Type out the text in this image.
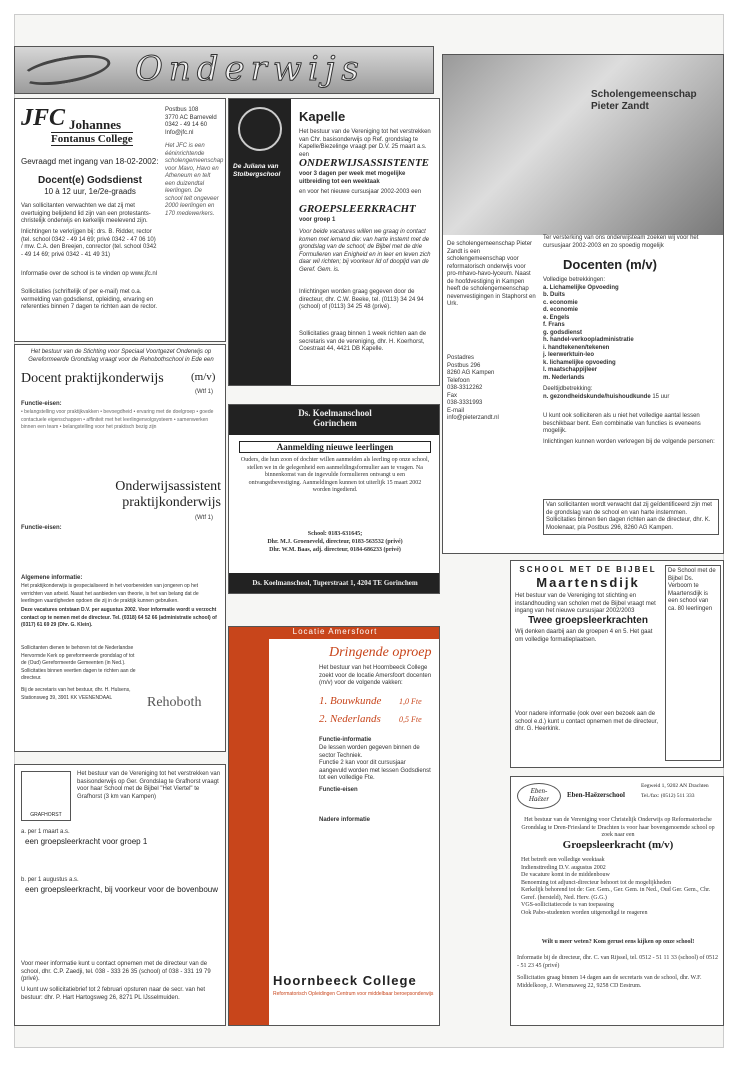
Onderwijs
JFC Johannes
Fontanus College
Postbus 108
3770 AC Barneveld
0342 - 49 14 60
Info@jfc.nl
Het JFC is een ééninrichtende scholengemeenschap voor Mavo, Havo en Atheneum en telt een duizendtal leerlingen. De school telt ongeveer 2000 leerlingen en 170 medewerkers.
Gevraagd met ingang van 18-02-2002:
Docent(e) Godsdienst
10 à 12 uur, 1e/2e-graads
Van sollicitanten verwachten we dat zij met overtuiging belijdend lid zijn van een protestants-christelijk onderwijs en kerkelijk meelevend zijn.
Inlichtingen te verkrijgen bij: drs. B. Ridder, rector (tel. school 0342 - 49 14 69; privé 0342 - 47 06 10) / mw. C.A. den Breejen, conrector (tel. school 0342 - 49 14 69; privé 0342 - 41 49 31)
Informatie over de school is te vinden op www.jfc.nl
Sollicitaties (schriftelijk of per e-mail) met o.a. vermelding van godsdienst, opleiding, ervaring en referenties binnen 7 dagen te richten aan de rector.
De Juliana van Stolbergschool
Kapelle
Het bestuur van de Vereniging tot het verstrekken van Chr. basisonderwijs op Ref. grondslag te Kapelle/Biezelinge vraagt per D.V. 25 maart a.s. een
ONDERWIJSASSISTENTE
voor 3 dagen per week met mogelijke uitbreiding tot een weektaak
en voor het nieuwe cursusjaar 2002-2003 een
GROEPSLEERKRACHT
voor groep 1
Voor beide vacatures willen we graag in contact komen met iemand die: van harte instemt met de grondslag van de school; de Bijbel met de drie Formulieren van Enigheid en in leer en leven zich daar wil richten; bij voorkeur lid of doopljd van de Geref. Gem. is.
Inlichtingen worden graag gegeven door de directeur, dhr. C.W. Beeke, tel. (0113) 34 24 94 (school) of (0113) 34 25 48 (privé).
Sollicitaties graag binnen 1 week richten aan de secretaris van de vereniging, dhr. H. Koerhorst, Coestraat 44, 4421 DB Kapelle.
Het bestuur van de Stichting voor Speciaal Voortgezet Onderwijs op Gereformeerde Grondslag vraagt voor de Rehobothschool in Ede een
Docent praktijkonderwijs (m/v)
(Wtf 1)
Functie-eisen:
• belangstelling voor praktijkvakken • bevoegdheid • ervaring met de doelgroep • goede contactuele eigenschappen • affiniteit met het leerlingenvolgsysteem • samenwerken binnen een team • belangstelling voor het praktisch bezig zijn
Onderwijsassistent praktijkonderwijs
(Wtf 1)
Functie-eisen:
Algemene informatie:
Het praktijkonderwijs is gespecialiseerd in het voorbereiden van jongeren op het verrichten van arbeid. Naast het aanbieden van theorie, is het van belang dat de leerlingen vaardigheden opdoen die zij in de praktijk kunnen gebruiken.
Deze vacatures ontstaan D.V. per augustus 2002. Voor informatie wordt u verzocht contact op te nemen met de directeur. Tel. (0318) 64 52 66 (administratie school) of (0317) 61 69 29 (Dhr. G. Klein).
Sollicitanten dienen te behoren tot de Nederlandse Hervormde Kerk op gereformeerde grondslag of tot de (Oud) Gereformeerde Gemeenten (in Ned.). Sollicitaties binnen veertien dagen te richten aan de directeur.
Bij de secretaris van het bestuur, dhr. H. Hulsens, Stationsweg 39, 3901 KK VEENENDAAL	Rehoboth
Ds. Koelmanschool
Gorinchem
Aanmelding nieuwe leerlingen
Ouders, die hun zoon of dochter willen aanmelden als leerling op onze school, stellen we in de gelegenheid een aanmeldingsformulier aan te vragen. Na binnenkomst van de ingevulde formulieren ontvangt u een ontvangstbevestiging. Aanmeldingen kunnen tot uiterlijk 15 maart 2002 worden ingediend.
School: 0183-631645;
Dhr. M.J. Groeneveld, directeur, 0183-563532 (privé)
Dhr. W.M. Baas, adj. directeur, 0184-686233 (privé)
Ds. Koelmanschool, Tuperstraat 1, 4204 TE Gorinchem
Scholengemeenschap
Pieter Zandt
Ter versterking van ons onderwijsteam zoeken wij voor het cursusjaar 2002-2003 en zo spoedig mogelijk
Docenten (m/v)
Volledige betrekkingen:
a. Lichamelijke Opvoeding
b. Duits
c. economie
d. economie
e. Engels
f. Frans
g. godsdienst
h. handel-verkoop/administratie
i. handtekenen/tekenen
j. leerwerktuin-leo
k. lichamelijke opvoeding
l. maatschappijleer
m. Nederlands
Deeltijdbetrekking:
n. gezondheidskunde/huishoudkunde 15 uur
U kunt ook solliciteren als u niet het volledige aantal lessen beschikbaar bent. Een combinatie van functies is eveneens mogelijk.
Inlichtingen kunnen worden verkregen bij de volgende personen:
Van sollicitanten wordt verwacht dat zij geïdentificeerd zijn met de grondslag van de school en van harte instemmen. Sollicitaties binnen tien dagen richten aan de directeur, dhr. K. Moolenaar, p/a Postbus 296, 8260 AG Kampen.
De scholengemeenschap Pieter Zandt is een scholengemeenschap voor reformatorisch onderwijs voor pro-mhavo-havo-lyceum. Naast de hoofdvestiging in Kampen heeft de scholengemeenschap nevenvestigingen in Staphorst en Urk.
Postadres
Postbus 296
8260 AG Kampen
Telefoon
038-3312262
Fax
038-3331993
E-mail
info@pieterzandt.nl
GRAFHORST
Het bestuur van de Vereniging tot het verstrekken van basisonderwijs op Ger. Grondslag te Grafhorst vraagt voor haar School met de Bijbel "Het Viertel" te Grafhorst (3 km van Kampen)
a. per 1 maart a.s.
een groepsleerkracht voor groep 1
b. per 1 augustus a.s.
een groepsleerkracht, bij voorkeur voor de bovenbouw
Voor meer informatie kunt u contact opnemen met de directeur van de school, dhr. C.P. Zaedji, tel. 038 - 333 26 35 (school) of 038 - 331 19 79 (privé).
U kunt uw sollicitatiebrief tot 2 februari opsturen naar de secr. van het bestuur: dhr. P. Hart Hartogsweg 26, 8271 PL IJsselmuiden.
Locatie Amersfoort
Dringende oproep
Het bestuur van het Hoornbeeck College zoekt voor de locatie Amersfoort docenten (m/v) voor de volgende vakken:
1. Bouwkunde 1,0 Fte
2. Nederlands 0,5 Fte
Het Hoornbeeck College voor middelbaar beroepsonderwijs met vestigingen in Amersfoort, Goes, Kampen en Rotterdam gaat uit van de Vereniging voor Voortgezet Onderwijs op Reformatorische Grondslag.
Functie-informatie
De lessen worden gegeven binnen de sector Techniek.
Functie 2 kan voor dit cursusjaar aangevuld worden met lessen Godsdienst tot een volledige Fte.
Functie-eisen
Nadere informatie
Hoornbeeck College
Reformatorisch Opleidingen Centrum voor middelbaar beroepsonderwijs
SCHOOL MET DE BIJBEL
Maartensdijk
Het bestuur van de Vereniging tot stichting en instandhouding van scholen met de Bijbel vraagt met ingang van het nieuwe cursusjaar 2002/2003
Twee groepsleerkrachten
Wij denken daarbij aan de groepen 4 en 5. Het gaat om volledige formatieplaatsen.
Voor nadere informatie (ook over een bezoek aan de school e.d.) kunt u contact opnemen met de directeur, dhr. G. Heerkink.
De School met de Bijbel Ds. Verboom te Maartensdijk is een school van ca. 80 leerlingen
Eben-
Haëzer	Eben-Haëzerschool
Eegweid 1, 9202 AN Drachten
Tel./fax: (0512) 511 333
Het bestuur van de Vereniging voor Christelijk Onderwijs op Reformatorische Grondslag te Dren-Friesland te Drachten is voor haar bovengenoemde school op zoek naar een
Groepsleerkracht (m/v)
Het betreft een volledige weektaak
Indiensttreding D.V. augustus 2002
De vacature komt in de middenbouw
Benoeming tot adjunct-directeur behoort tot de mogelijkheden
Kerkelijk behorend tot de: Ger. Gem., Ger. Gem. in Ned., Oud Ger. Gem., Chr. Geref. (hersteld), Ned. Herv. (G.G.)
VGS-sollicitatiecode is van toepassing
Ook Pabo-studenten worden uitgenodigd te reageren
Wilt u meer weten? Kom gerust eens kijken op onze school!
Informatie bij de directeur, dhr. C. van Rijssel, tel. 0512 - 51 11 33 (school) of 0512 - 51 23 45 (privé)
Sollicitaties graag binnen 14 dagen aan de secretaris van de school, dhr. W.F. Middelkoop, J. Wiersmaweg 22, 9258 CD Eestrum.
